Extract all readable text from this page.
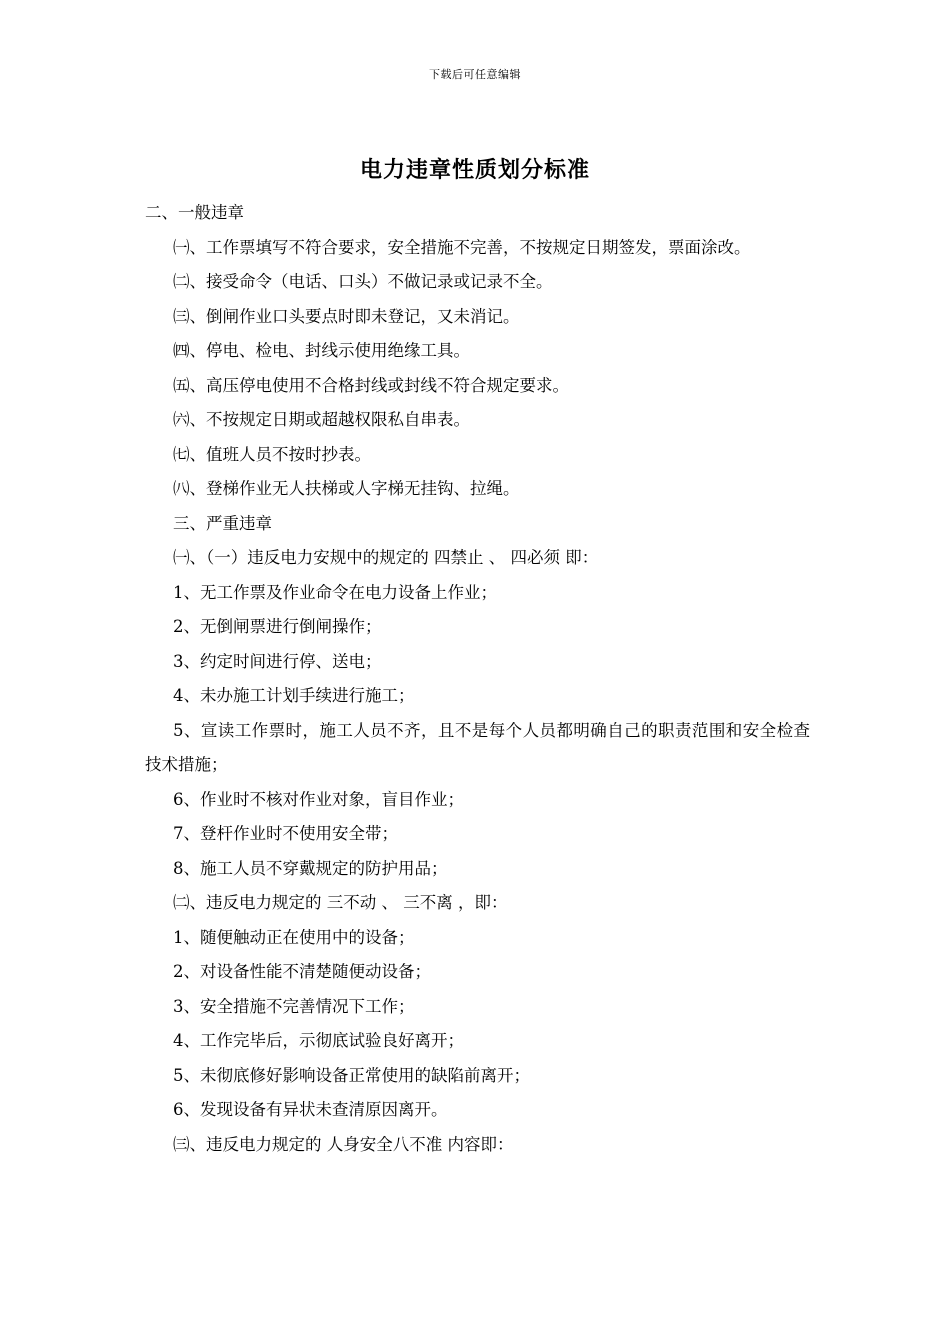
下载后可任意编辑
电力违章性质划分标准

二、一般违章

㈠、工作票填写不符合要求，安全措施不完善，不按规定日期签发，票面涂改。

㈡、接受命令（电话、口头）不做记录或记录不全。

㈢、倒闸作业口头要点时即未登记，又未消记。

㈣、停电、检电、封线示使用绝缘工具。

㈤、高压停电使用不合格封线或封线不符合规定要求。

㈥、不按规定日期或超越权限私自串表。

㈦、值班人员不按时抄表。

㈧、登梯作业无人扶梯或人字梯无挂钩、拉绳。

三、严重违章

㈠、（一）违反电力安规中的规定的 四禁止 、 四必须 即：

1、无工作票及作业命令在电力设备上作业；

2、无倒闸票进行倒闸操作；

3、约定时间进行停、送电；

4、未办施工计划手续进行施工；

5、宣读工作票时，施工人员不齐，且不是每个人员都明确自己的职责范围和安全检查技术措施；

6、作业时不核对作业对象，盲目作业；

7、登杆作业时不使用安全带；

8、施工人员不穿戴规定的防护用品；

㈡、违反电力规定的 三不动 、 三不离 ，即：

1、随便触动正在使用中的设备；

2、对设备性能不清楚随便动设备；

3、安全措施不完善情况下工作；

4、工作完毕后，示彻底试验良好离开；

5、未彻底修好影响设备正常使用的缺陷前离开；

6、发现设备有异状未查清原因离开。

㈢、违反电力规定的 人身安全八不准 内容即：
